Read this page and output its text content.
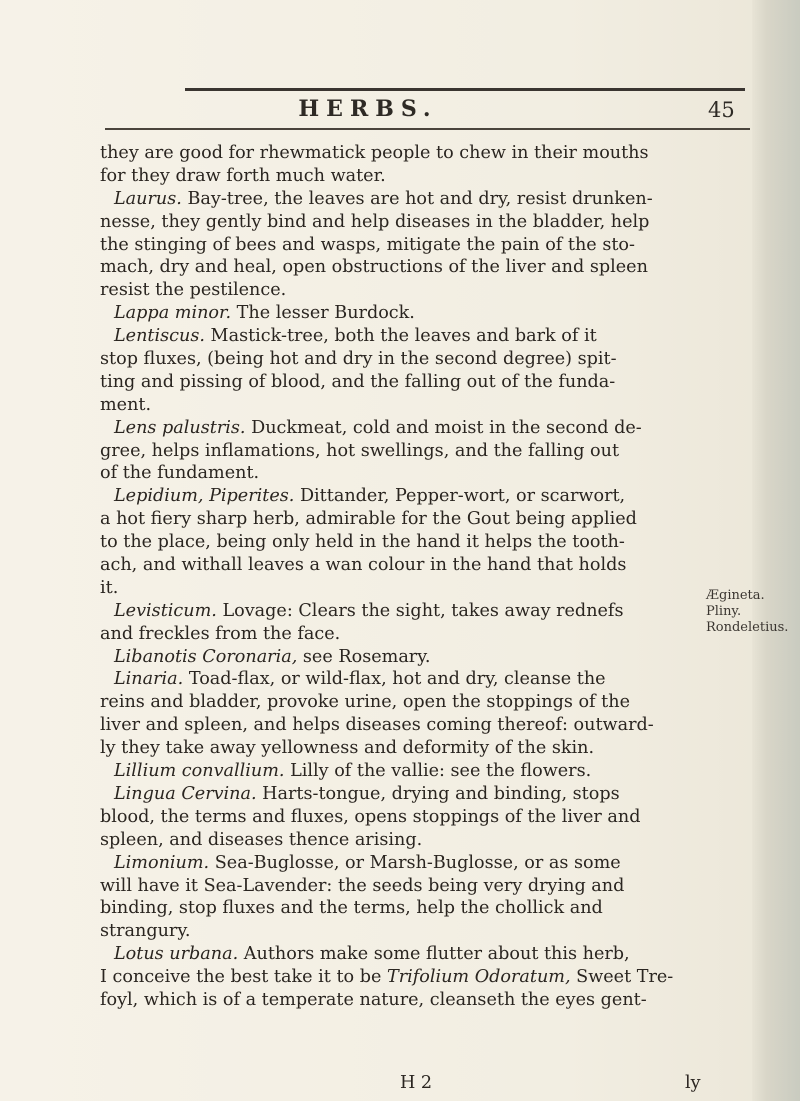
HERBS.	45
they are good for rhewmatick people to chew in their mouths
for they draw forth much water.
Laurus. Bay-tree, the leaves are hot and dry, resist drunken-
nesse, they gently bind and help diseases in the bladder, help
the stinging of bees and wasps, mitigate the pain of the sto-
mach, dry and heal, open obstructions of the liver and spleen
resist the pestilence.
Lappa minor. The lesser Burdock.
Lentiscus. Mastick-tree, both the leaves and bark of it
stop fluxes, (being hot and dry in the second degree) spit-
ting and pissing of blood, and the falling out of the funda-
ment.
Lens palustris. Duckmeat, cold and moist in the second de-
gree, helps inflamations, hot swellings, and the falling out
of the fundament.
Lepidium, Piperites. Dittander, Pepper-wort, or scarwort,
a hot fiery sharp herb, admirable for the Gout being applied
to the place, being only held in the hand it helps the tooth-
ach, and withall leaves a wan colour in the hand that holds
it.
Levisticum. Lovage: Clears the sight, takes away rednefs
and freckles from the face.
Libanotis Coronaria, see Rosemary.
Linaria. Toad-flax, or wild-flax, hot and dry, cleanse the
reins and bladder, provoke urine, open the stoppings of the
liver and spleen, and helps diseases coming thereof: outward-
ly they take away yellowness and deformity of the skin.
Lillium convallium. Lilly of the vallie: see the flowers.
Lingua Cervina. Harts-tongue, drying and binding, stops
blood, the terms and fluxes, opens stoppings of the liver and
spleen, and diseases thence arising.
Limonium. Sea-Buglosse, or Marsh-Buglosse, or as some
will have it Sea-Lavender: the seeds being very drying and
binding, stop fluxes and the terms, help the chollick and
strangury.
Lotus urbana. Authors make some flutter about this herb,
I conceive the best take it to be Trifolium Odoratum, Sweet Tre-
foyl, which is of a temperate nature, cleanseth the eyes gent-
Ægineta.
Pliny.
Rondeletius.
H 2	ly
